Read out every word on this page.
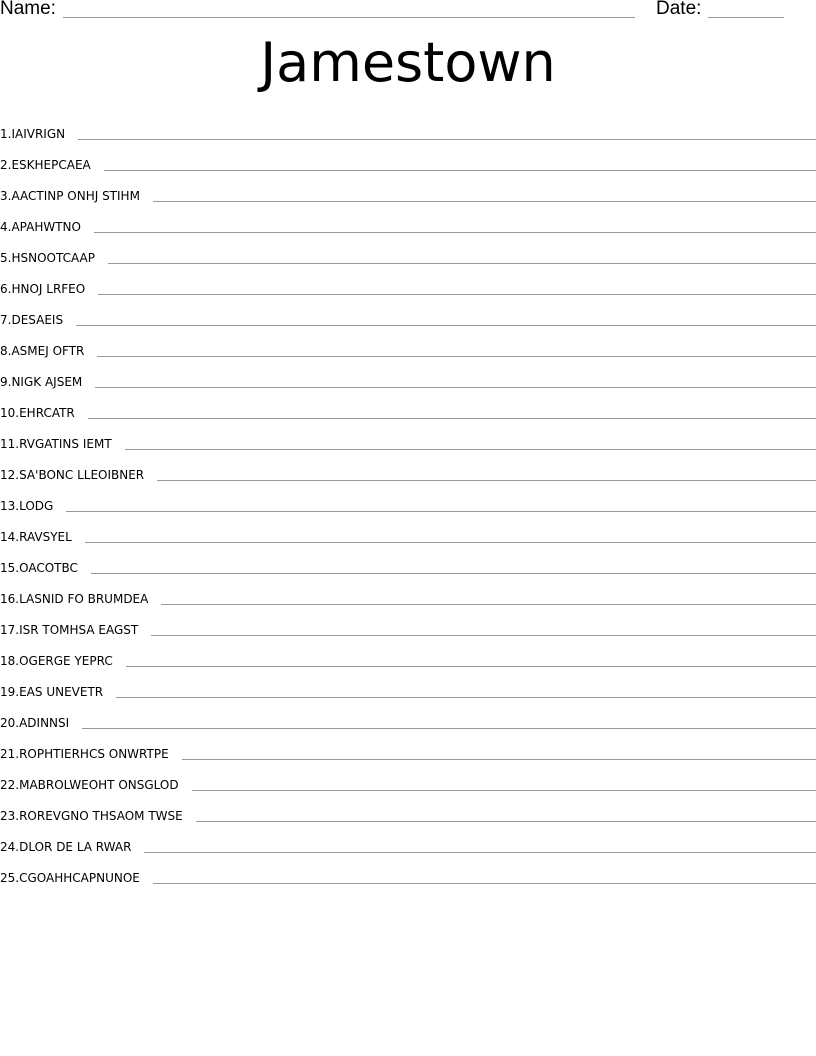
Name:	Date:
Jamestown
1. IAIVRIGN
2. ESKHEPCAEA
3. AACTINP ONHJ STIHM
4. APAHWTNO
5. HSNOOTCAAP
6. HNOJ LRFEO
7. DESAEIS
8. ASMEJ OFTR
9. NIGK AJSEM
10. EHRCATR
11. RVGATINS IEMT
12. SA'BONC LLEOIBNER
13. LODG
14. RAVSYEL
15. OACOTBC
16. LASNID FO BRUMDEA
17. ISR TOMHSA EAGST
18. OGERGE YEPRC
19. EAS UNEVETR
20. ADINNSI
21. ROPHTIERHCS ONWRTPE
22. MABROLWEOHT ONSGLOD
23. ROREVGNO THSAOM TWSE
24. DLOR DE LA RWAR
25. CGOAHHCAPNUNOE
